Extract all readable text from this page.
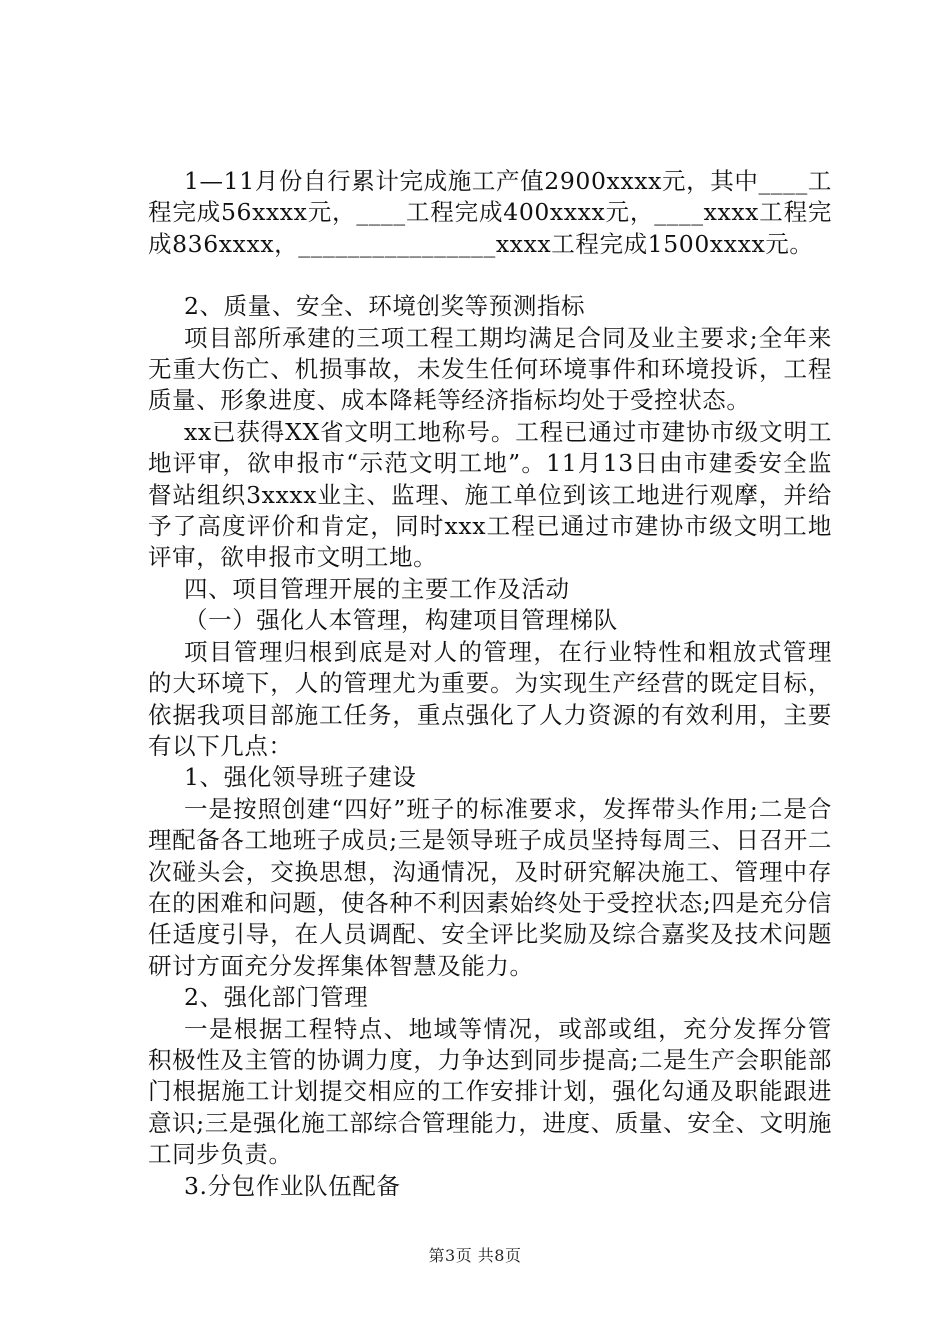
1—11月份自行累计完成施工产值2900xxxx元，其中____工程完成56xxxx元，____工程完成400xxxx元，____xxxx工程完成836xxxx，________________xxxx工程完成1500xxxx元。

2、质量、安全、环境创奖等预测指标

项目部所承建的三项工程工期均满足合同及业主要求;全年来无重大伤亡、机损事故，未发生任何环境事件和环境投诉，工程质量、形象进度、成本降耗等经济指标均处于受控状态。

xx已获得XX省文明工地称号。工程已通过市建协市级文明工地评审，欲申报市“示范文明工地”。11月13日由市建委安全监督站组织3xxxx业主、监理、施工单位到该工地进行观摩，并给予了高度评价和肯定，同时xxx工程已通过市建协市级文明工地评审，欲申报市文明工地。

四、项目管理开展的主要工作及活动

（一）强化人本管理，构建项目管理梯队

项目管理归根到底是对人的管理，在行业特性和粗放式管理的大环境下，人的管理尤为重要。为实现生产经营的既定目标，依据我项目部施工任务，重点强化了人力资源的有效利用，主要有以下几点：

1、强化领导班子建设

一是按照创建“四好”班子的标准要求，发挥带头作用;二是合理配备各工地班子成员;三是领导班子成员坚持每周三、日召开二次碰头会，交换思想，沟通情况，及时研究解决施工、管理中存在的困难和问题，使各种不利因素始终处于受控状态;四是充分信任适度引导，在人员调配、安全评比奖励及综合嘉奖及技术问题研讨方面充分发挥集体智慧及能力。

2、强化部门管理

一是根据工程特点、地域等情况，或部或组，充分发挥分管积极性及主管的协调力度，力争达到同步提高;二是生产会职能部门根据施工计划提交相应的工作安排计划，强化勾通及职能跟进意识;三是强化施工部综合管理能力，进度、质量、安全、文明施工同步负责。

3.分包作业队伍配备

第3页 共8页
